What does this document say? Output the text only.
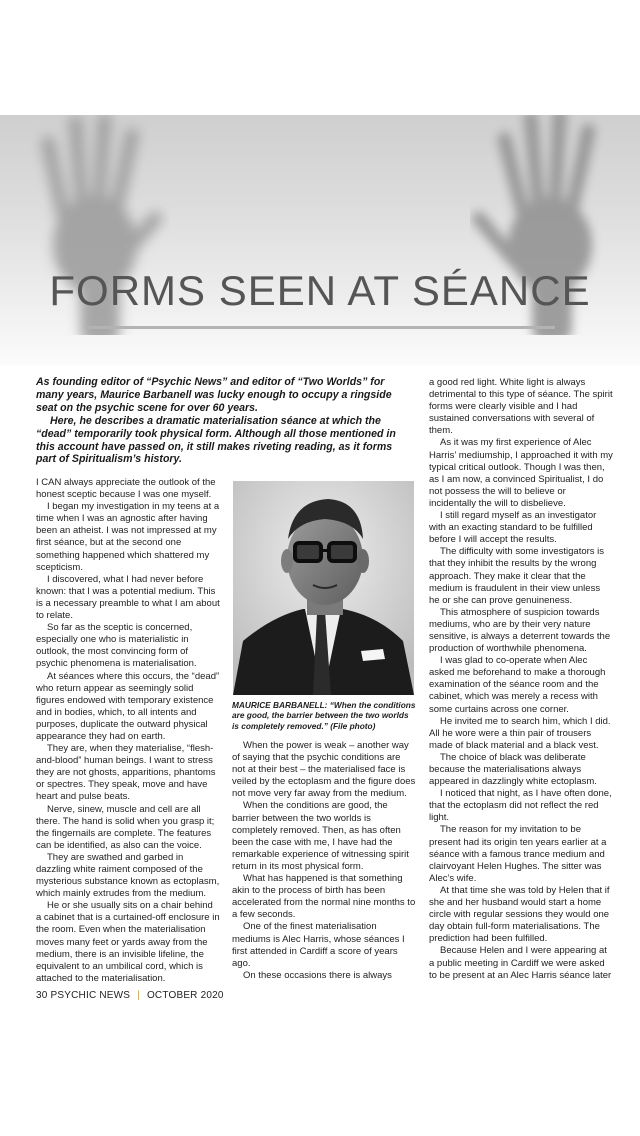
FORMS SEEN AT SÉANCE

As founding editor of “Psychic News” and editor of “Two Worlds” for many years, Maurice Barbanell was lucky enough to occupy a ringside seat on the psychic scene for over 60 years.

Here, he describes a dramatic materialisation séance at which the “dead” temporarily took physical form. Although all those mentioned in this account have passed on, it still makes riveting reading, as it forms part of Spiritualism’s history.

I CAN always appreciate the outlook of the honest sceptic because I was one myself.

I began my investigation in my teens at a time when I was an agnostic after having been an atheist. I was not impressed at my first séance, but at the second one something happened which shattered my scepticism.

I discovered, what I had never before known: that I was a potential medium. This is a necessary preamble to what I am about to relate.

So far as the sceptic is concerned, especially one who is materialistic in outlook, the most convincing form of psychic phenomena is materialisation.

At séances where this occurs, the “dead” who return appear as seemingly solid figures endowed with temporary existence and in bodies, which, to all intents and purposes, duplicate the outward physical appearance they had on earth.

They are, when they materialise, “flesh-and-blood” human beings. I want to stress they are not ghosts, apparitions, phantoms or spectres. They speak, move and have heart and pulse beats.

Nerve, sinew, muscle and cell are all there. The hand is solid when you grasp it; the fingernails are complete. The features can be identified, as also can the voice.

They are swathed and garbed in dazzling white raiment composed of the mysterious substance known as ectoplasm, which mainly extrudes from the medium.

He or she usually sits on a chair behind a cabinet that is a curtained-off enclosure in the room. Even when the materialisation moves many feet or yards away from the medium, there is an invisible lifeline, the equivalent to an umbilical cord, which is attached to the materialisation.

MAURICE BARBANELL: “When the conditions are good, the barrier between the two worlds is completely removed.” (File photo)

When the power is weak – another way of saying that the psychic conditions are not at their best – the materialised face is veiled by the ectoplasm and the figure does not move very far away from the medium.

When the conditions are good, the barrier between the two worlds is completely removed. Then, as has often been the case with me, I have had the remarkable experience of witnessing spirit return in its most physical form.

What has happened is that something akin to the process of birth has been accelerated from the normal nine months to a few seconds.

One of the finest materialisation mediums is Alec Harris, whose séances I first attended in Cardiff a score of years ago.

On these occasions there is always

a good red light. White light is always detrimental to this type of séance. The spirit forms were clearly visible and I had sustained conversations with several of them.

As it was my first experience of Alec Harris’ mediumship, I approached it with my typical critical outlook. Though I was then, as I am now, a convinced Spiritualist, I do not possess the will to believe or incidentally the will to disbelieve.

I still regard myself as an investigator with an exacting standard to be fulfilled before I will accept the results.

The difficulty with some investigators is that they inhibit the results by the wrong approach. They make it clear that the medium is fraudulent in their view unless he or she can prove genuineness.

This atmosphere of suspicion towards mediums, who are by their very nature sensitive, is always a deterrent towards the production of worthwhile phenomena.

I was glad to co-operate when Alec asked me beforehand to make a thorough examination of the séance room and the cabinet, which was merely a recess with some curtains across one corner.

He invited me to search him, which I did. All he wore were a thin pair of trousers made of black material and a black vest.

The choice of black was deliberate because the materialisations always appeared in dazzlingly white ectoplasm.

I noticed that night, as I have often done, that the ectoplasm did not reflect the red light.

The reason for my invitation to be present had its origin ten years earlier at a séance with a famous trance medium and clairvoyant Helen Hughes. The sitter was Alec’s wife.

At that time she was told by Helen that if she and her husband would start a home circle with regular sessions they would one day obtain full-form materialisations. The prediction had been fulfilled.

Because Helen and I were appearing at a public meeting in Cardiff we were asked to be present at an Alec Harris séance later

30 PSYCHIC NEWS | OCTOBER 2020
